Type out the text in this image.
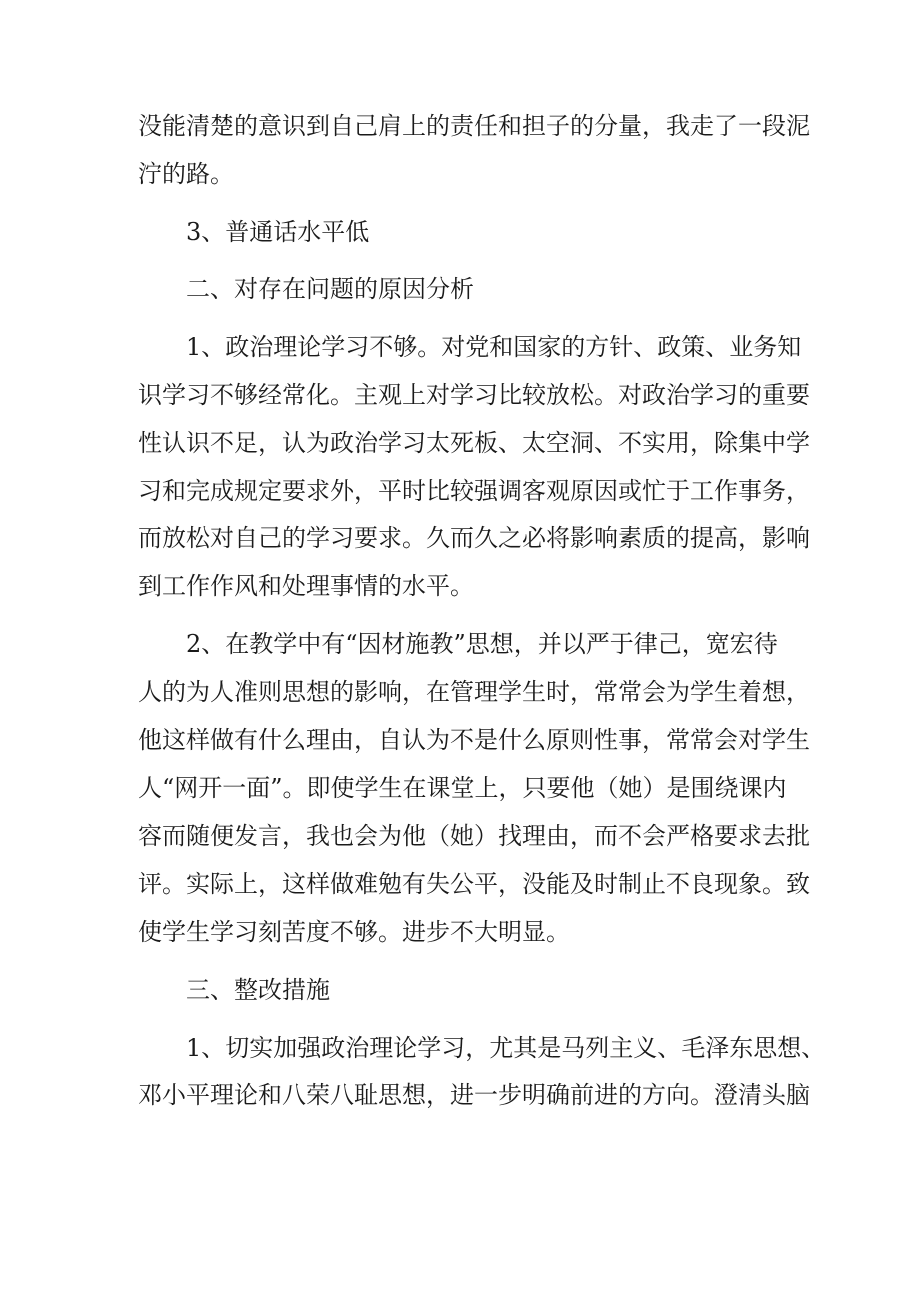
没能清楚的意识到自己肩上的责任和担子的分量，我走了一段泥
泞的路。
3、普通话水平低
二、对存在问题的原因分析
1、政治理论学习不够。对党和国家的方针、政策、业务知
识学习不够经常化。主观上对学习比较放松。对政治学习的重要
性认识不足，认为政治学习太死板、太空洞、不实用，除集中学
习和完成规定要求外，平时比较强调客观原因或忙于工作事务，
而放松对自己的学习要求。久而久之必将影响素质的提高，影响
到工作作风和处理事情的水平。
2、在教学中有“因材施教”思想，并以严于律己，宽宏待
人的为人准则思想的影响，在管理学生时，常常会为学生着想，
他这样做有什么理由，自认为不是什么原则性事，常常会对学生
人“网开一面”。即使学生在课堂上，只要他（她）是围绕课内
容而随便发言，我也会为他（她）找理由，而不会严格要求去批
评。实际上，这样做难勉有失公平，没能及时制止不良现象。致
使学生学习刻苦度不够。进步不大明显。
三、整改措施
1、切实加强政治理论学习，尤其是马列主义、毛泽东思想、
邓小平理论和八荣八耻思想，进一步明确前进的方向。澄清头脑
